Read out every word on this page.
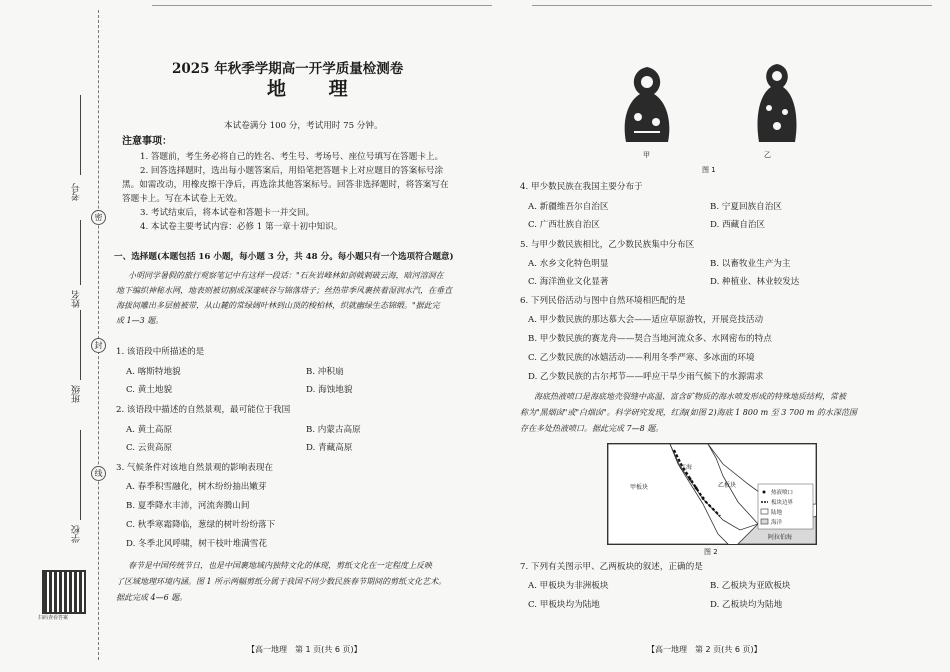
考号
姓名
班级
学校
密
封
线
扫码查看答案
2025 年秋季学期高一开学质量检测卷
地 理
本试卷满分 100 分，考试用时 75 分钟。
注意事项：
1. 答题前，考生务必将自己的姓名、考生号、考场号、座位号填写在答题卡上。
2. 回答选择题时，选出每小题答案后，用铅笔把答题卡上对应题目的答案标号涂
黑。如需改动，用橡皮擦干净后，再选涂其他答案标号。回答非选择题时，将答案写在
答题卡上。写在本试卷上无效。
3. 考试结束后，将本试卷和答题卡一并交回。
4. 本试卷主要考试内容：必修 1 第一章十初中知识。
一、选择题(本题包括 16 小题，每小题 3 分，共 48 分。每小题只有一个选项符合题意)
小明同学暑假的旅行观察笔记中有这样一段话："石灰岩峰林如剑戟刺破云海，暗河溶洞在
地下编织神秘水网，地表则被切割成深邃峡谷与锦落塔子；丝热带季风裹挟着湿润水汽，在垂直
海拔间雕出多层植被带，从山麓的常绿阔叶林到山顶的梭柏林，织就幽绿生态锦缎。"据此完
成 1—3 题。
1. 该语段中所描述的是
A. 喀斯特地貌	B. 冲积扇
C. 黄土地貌	D. 海蚀地貌
2. 该语段中描述的自然景观，最可能位于我国
A. 黄土高原	B. 内蒙古高原
C. 云贵高原	D. 青藏高原
3. 气候条件对该地自然景观的影响表现在
A. 春季积雪融化，树木纷纷抽出嫩芽
B. 夏季降水丰沛，河流奔腾山间
C. 秋季寒霜降临，葱绿的树叶纷纷落下
D. 冬季北风呼啸，树干枝叶堆满雪花
春节是中国传统节日，也是中国裹地域内独特文化的体现，剪纸文化在一定程度上反映
了区域地理环境内涵。图 1 所示两幅剪纸分属于我国不同少数民族春节期间的剪纸文化艺术。
据此完成 4—6 题。
【高一地理　第 1 页(共 6 页)】
甲	乙
图 1
4. 甲少数民族在我国主要分布于
A. 新疆维吾尔自治区	B. 宁夏回族自治区
C. 广西壮族自治区	D. 西藏自治区
5. 与甲少数民族相比，乙少数民族集中分布区
A. 水乡文化特色明显	B. 以畜牧业生产为主
C. 海洋渔业文化显著	D. 种植业、林业较发达
6. 下列民俗活动与图中自然环境相匹配的是
A. 甲少数民族的那达慕大会——适应草原游牧，开展竞技活动
B. 甲少数民族的赛龙舟——契合当地河流众多、水网密布的特点
C. 乙少数民族的冰嬉活动——利用冬季严寒、多冰面的环境
D. 乙少数民族的古尔邦节——呼应干旱少雨气候下的水源需求
海底热液喷口是海底地壳裂缝中高温、富含矿物质的海水喷发形成的特殊地质结构，常被
称为"黑烟囱"或"白烟囱"。科学研究发现，红海(如图 2)海底 1 800 m 至 3 700 m 的水深范围
存在多处热液喷口。据此完成 7—8 题。
甲板块
红海
乙板块
阿拉伯海
热液喷口
板块边界
陆地
海洋
图 2
7. 下列有关图示甲、乙两板块的叙述，正确的是
A. 甲板块为非洲板块	B. 乙板块为亚欧板块
C. 甲板块均为陆地	D. 乙板块均为陆地
【高一地理　第 2 页(共 6 页)】
